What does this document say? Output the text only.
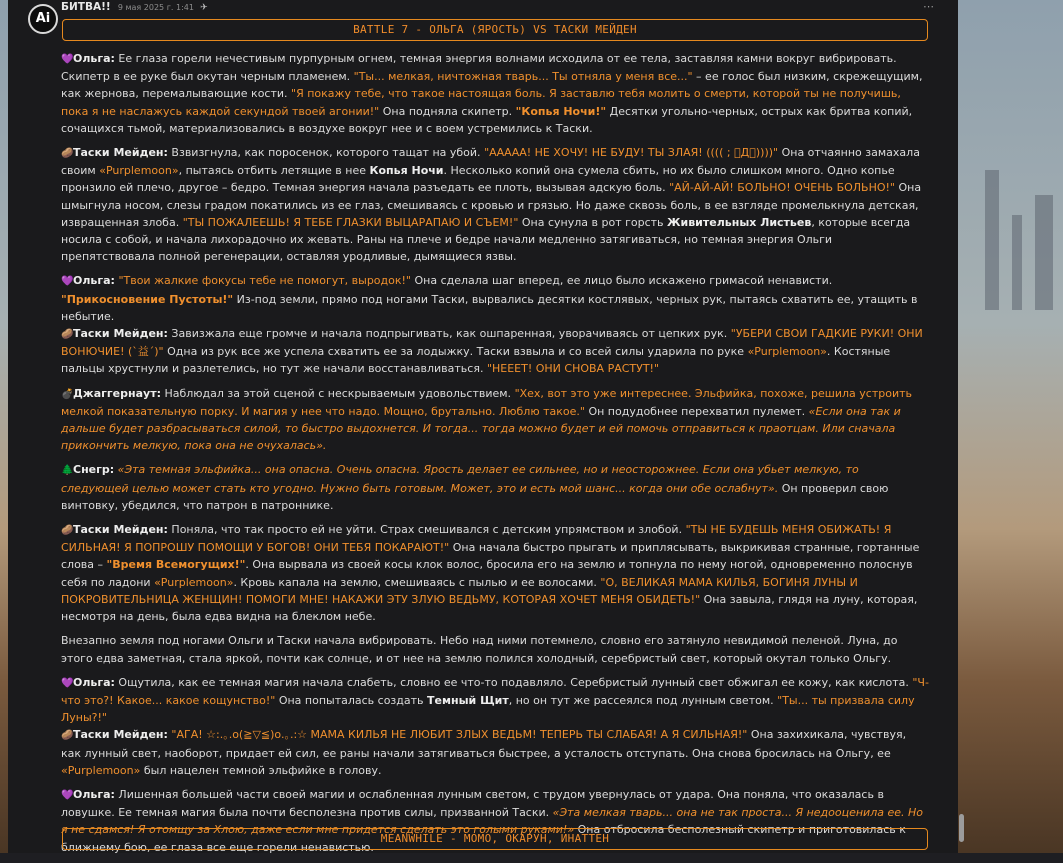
Ai
БИТВА!! 9 мая 2025 г. 1:41 ✈	⋯
BATTLE 7 - ОЛЬГА (ЯРОСТЬ) VS ТАСКИ МЕЙДЕН

💜Ольга: Ее глаза горели нечестивым пурпурным огнем, темная энергия волнами исходила от ее тела, заставляя камни вокруг вибрировать. Скипетр в ее руке был окутан черным пламенем. "Ты... мелкая, ничтожная тварь... Ты отняла у меня все..." – ее голос был низким, скрежещущим, как жернова, перемалывающие кости. "Я покажу тебе, что такое настоящая боль. Я заставлю тебя молить о смерти, которой ты не получишь, пока я не наслажусь каждой секундой твоей агонии!" Она подняла скипетр. "Копья Ночи!" Десятки угольно-черных, острых как бритва копий, сочащихся тьмой, материализовались в воздухе вокруг нее и с воем устремились к Таски.

🥔Таски Мейден: Взвизгнула, как поросенок, которого тащат на убой. "ААААА! НЕ ХОЧУ! НЕ БУДУ! ТЫ ЗЛАЯ! (((( ; ゚Д゚))))" Она отчаянно замахала своим «Purplemoon», пытаясь отбить летящие в нее Копья Ночи. Несколько копий она сумела сбить, но их было слишком много. Одно копье пронзило ей плечо, другое – бедро. Темная энергия начала разъедать ее плоть, вызывая адскую боль. "АЙ-АЙ-АЙ! БОЛЬНО! ОЧЕНЬ БОЛЬНО!" Она шмыгнула носом, слезы градом покатились из ее глаз, смешиваясь с кровью и грязью. Но даже сквозь боль, в ее взгляде промелькнула детская, извращенная злоба. "ТЫ ПОЖАЛЕЕШЬ! Я ТЕБЕ ГЛАЗКИ ВЫЦАРАПАЮ И СЪЕМ!" Она сунула в рот горсть Живительных Листьев, которые всегда носила с собой, и начала лихорадочно их жевать. Раны на плече и бедре начали медленно затягиваться, но темная энергия Ольги препятствовала полной регенерации, оставляя уродливые, дымящиеся язвы.

💜Ольга: "Твои жалкие фокусы тебе не помогут, выродок!" Она сделала шаг вперед, ее лицо было искажено гримасой ненависти. "Прикосновение Пустоты!" Из-под земли, прямо под ногами Таски, вырвались десятки костлявых, черных рук, пытаясь схватить ее, утащить в небытие.

🥔Таски Мейден: Завизжала еще громче и начала подпрыгивать, как ошпаренная, уворачиваясь от цепких рук. "УБЕРИ СВОИ ГАДКИЕ РУКИ! ОНИ ВОНЮЧИЕ! (`益´)" Одна из рук все же успела схватить ее за лодыжку. Таски взвыла и со всей силы ударила по руке «Purplemoon». Костяные пальцы хрустнули и разлетелись, но тут же начали восстанавливаться. "НЕЕЕТ! ОНИ СНОВА РАСТУТ!"

💣Джаггернаут: Наблюдал за этой сценой с нескрываемым удовольствием. "Хех, вот это уже интереснее. Эльфийка, похоже, решила устроить мелкой показательную порку. И магия у нее что надо. Мощно, брутально. Люблю такое." Он подудобнее перехватил пулемет. «Если она так и дальше будет разбрасываться силой, то быстро выдохнется. И тогда... тогда можно будет и ей помочь отправиться к праотцам. Или сначала прикончить мелкую, пока она не очухалась».

🌲Снегр: «Эта темная эльфийка... она опасна. Очень опасна. Ярость делает ее сильнее, но и неосторожнее. Если она убьет мелкую, то следующей целью может стать кто угодно. Нужно быть готовым. Может, это и есть мой шанс... когда они обе ослабнут». Он проверил свою винтовку, убедился, что патрон в патроннике.

🥔Таски Мейден: Поняла, что так просто ей не уйти. Страх смешивался с детским упрямством и злобой. "ТЫ НЕ БУДЕШЬ МЕНЯ ОБИЖАТЬ! Я СИЛЬНАЯ! Я ПОПРОШУ ПОМОЩИ У БОГОВ! ОНИ ТЕБЯ ПОКАРАЮТ!" Она начала быстро прыгать и приплясывать, выкрикивая странные, гортанные слова – "Время Всемогущих!". Она вырвала из своей косы клок волос, бросила его на землю и топнула по нему ногой, одновременно полоснув себя по ладони «Purplemoon». Кровь капала на землю, смешиваясь с пылью и ее волосами. "О, ВЕЛИКАЯ МАМА КИЛЬЯ, БОГИНЯ ЛУНЫ И ПОКРОВИТЕЛЬНИЦА ЖЕНЩИН! ПОМОГИ МНЕ! НАКАЖИ ЭТУ ЗЛУЮ ВЕДЬМУ, КОТОРАЯ ХОЧЕТ МЕНЯ ОБИДЕТЬ!" Она завыла, глядя на луну, которая, несмотря на день, была едва видна на блеклом небе.

Внезапно земля под ногами Ольги и Таски начала вибрировать. Небо над ними потемнело, словно его затянуло невидимой пеленой. Луна, до этого едва заметная, стала яркой, почти как солнце, и от нее на землю полился холодный, серебристый свет, который окутал только Ольгу.

💜Ольга: Ощутила, как ее темная магия начала слабеть, словно ее что-то подавляло. Серебристый лунный свет обжигал ее кожу, как кислота. "Ч-что это?! Какое... какое кощунство!" Она попыталась создать Темный Щит, но он тут же рассеялся под лунным светом. "Ты... ты призвала силу Луны?!"

🥔Таски Мейден: "АГА! ☆:.｡.o(≧▽≦)o.｡.:☆ МАМА КИЛЬЯ НЕ ЛЮБИТ ЗЛЫХ ВЕДЬМ! ТЕПЕРЬ ТЫ СЛАБАЯ! А Я СИЛЬНАЯ!" Она захихикала, чувствуя, как лунный свет, наоборот, придает ей сил, ее раны начали затягиваться быстрее, а усталость отступать. Она снова бросилась на Ольгу, ее «Purplemoon» был нацелен темной эльфийке в голову.

💜Ольга: Лишенная большей части своей магии и ослабленная лунным светом, с трудом увернулась от удара. Она поняла, что оказалась в ловушке. Ее темная магия была почти бесполезна против силы, призванной Таски. «Эта мелкая тварь... она не так проста... Я недооценила ее. Но я не сдамся! Я отомщу за Хлою, даже если мне придется сделать это голыми руками!» Она отбросила бесполезный скипетр и приготовилась к ближнему бою, ее глаза все еще горели ненавистью.

MEANWHILE - МОМО, ОКАРУН, ИНАТТЕН
